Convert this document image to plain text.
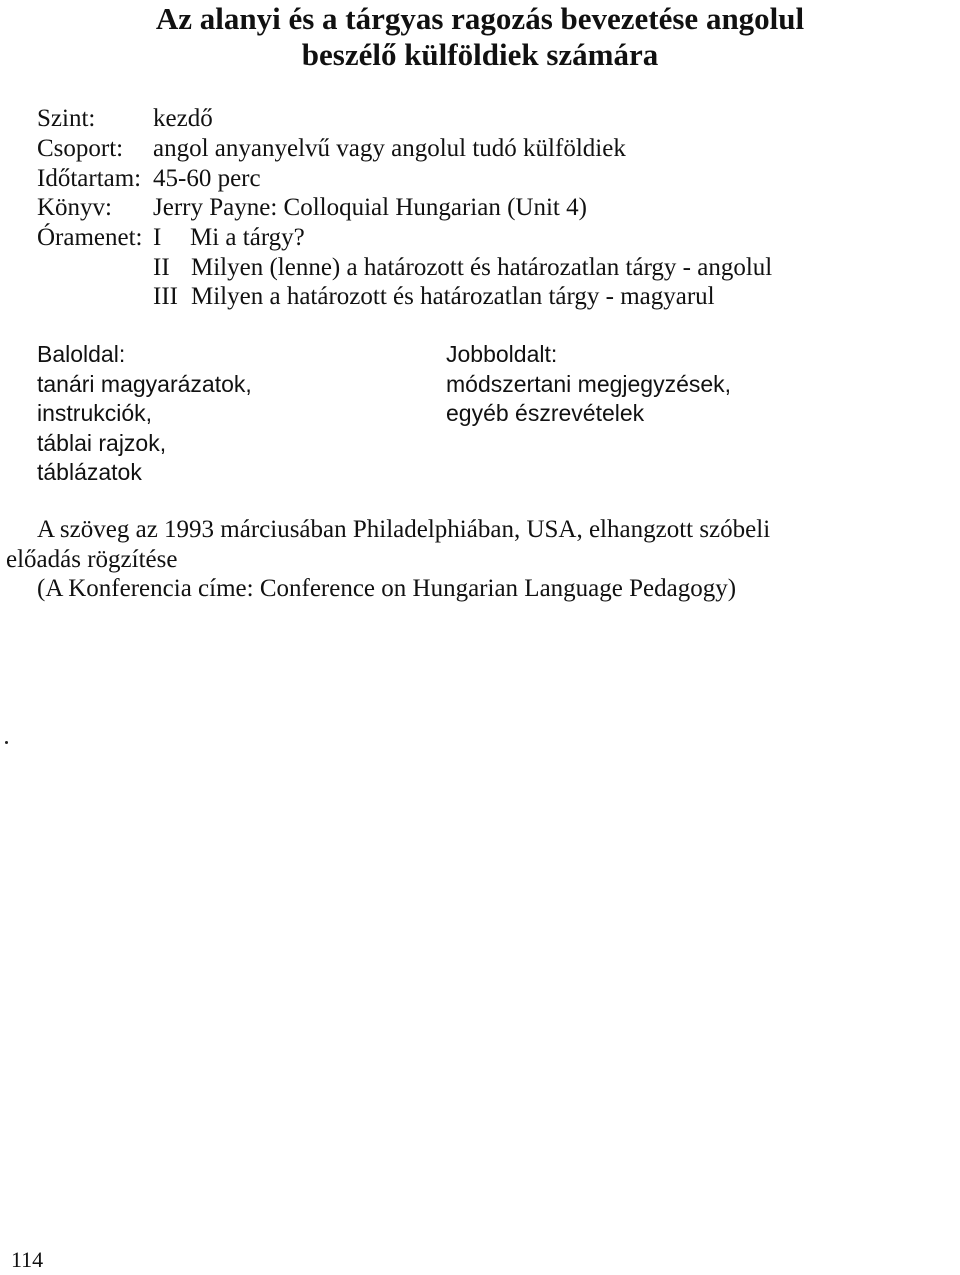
Az alanyi és a tárgyas ragozás bevezetése angolul
beszélő külföldiek számára
Szint: kezdő
Csoport: angol anyanyelvű vagy angolul tudó külföldiek
Időtartam: 45-60 perc
Könyv: Jerry Payne: Colloquial Hungarian (Unit 4)
Óramenet: I Mi a tárgy?
II Milyen (lenne) a határozott és határozatlan tárgy - angolul
III Milyen a határozott és határozatlan tárgy - magyarul
Baloldal:
tanári magyarázatok,
instrukciók,
táblai rajzok,
táblázatok
Jobboldalt:
módszertani megjegyzések,
egyéb észrevételek
A szöveg az 1993 márciusában Philadelphiában, USA, elhangzott szóbeli
előadás rögzítése
(A Konferencia címe: Conference on Hungarian Language Pedagogy)
114
